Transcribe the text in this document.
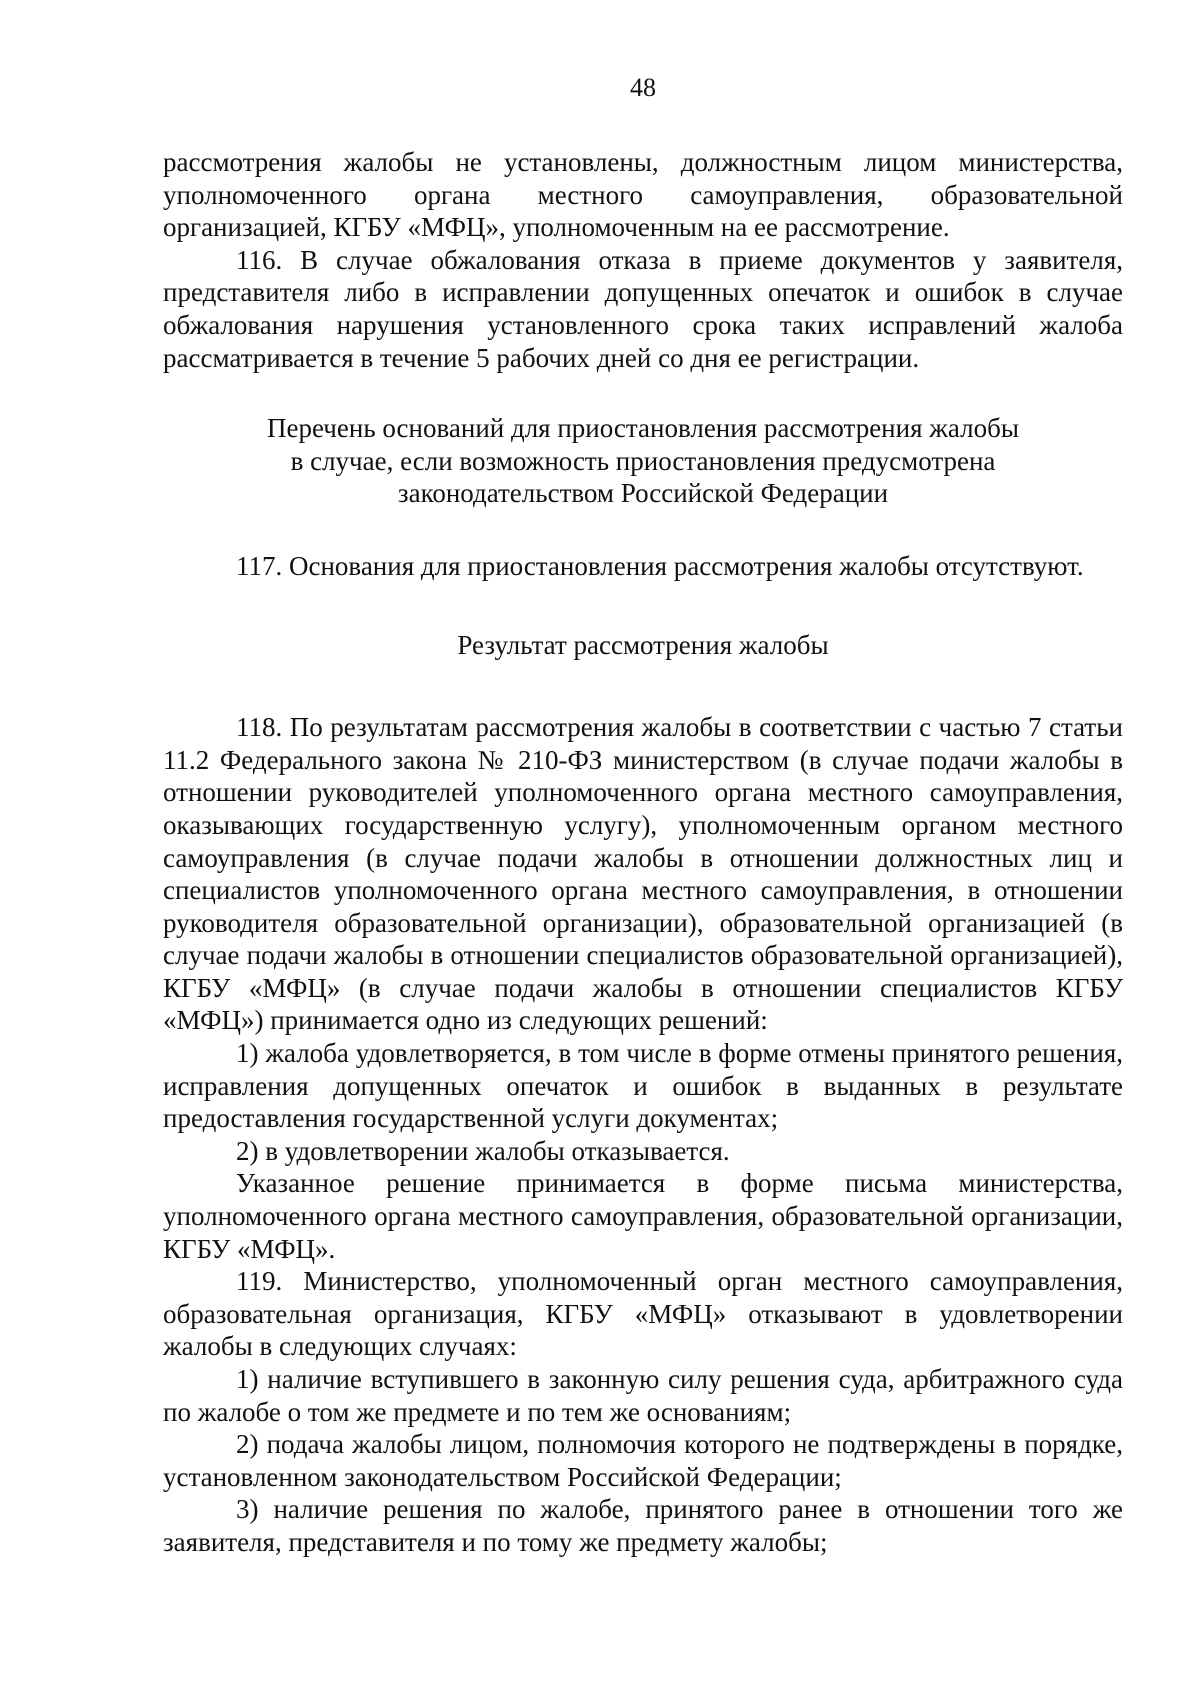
48

рассмотрения жалобы не установлены, должностным лицом министерства, уполномоченного органа местного самоуправления, образовательной организацией, КГБУ «МФЦ», уполномоченным на ее рассмотрение.

116. В случае обжалования отказа в приеме документов у заявителя, представителя либо в исправлении допущенных опечаток и ошибок в случае обжалования нарушения установленного срока таких исправлений жалоба рассматривается в течение 5 рабочих дней со дня ее регистрации.

Перечень оснований для приостановления рассмотрения жалобы
в случае, если возможность приостановления предусмотрена
законодательством Российской Федерации

117. Основания для приостановления рассмотрения жалобы отсутствуют.

Результат рассмотрения жалобы

118. По результатам рассмотрения жалобы в соответствии с частью 7 статьи 11.2 Федерального закона № 210-ФЗ министерством (в случае подачи жалобы в отношении руководителей уполномоченного органа местного самоуправления, оказывающих государственную услугу), уполномоченным органом местного самоуправления (в случае подачи жалобы в отношении должностных лиц и специалистов уполномоченного органа местного самоуправления, в отношении руководителя образовательной организации), образовательной организацией (в случае подачи жалобы в отношении специалистов образовательной организацией), КГБУ «МФЦ» (в случае подачи жалобы в отношении специалистов КГБУ «МФЦ») принимается одно из следующих решений:

1) жалоба удовлетворяется, в том числе в форме отмены принятого решения, исправления допущенных опечаток и ошибок в выданных в результате предоставления государственной услуги документах;

2) в удовлетворении жалобы отказывается.

Указанное решение принимается в форме письма министерства, уполномоченного органа местного самоуправления, образовательной организации, КГБУ «МФЦ».

119. Министерство, уполномоченный орган местного самоуправления, образовательная организация, КГБУ «МФЦ» отказывают в удовлетворении жалобы в следующих случаях:

1) наличие вступившего в законную силу решения суда, арбитражного суда по жалобе о том же предмете и по тем же основаниям;

2) подача жалобы лицом, полномочия которого не подтверждены в порядке, установленном законодательством Российской Федерации;

3) наличие решения по жалобе, принятого ранее в отношении того же заявителя, представителя и по тому же предмету жалобы;
